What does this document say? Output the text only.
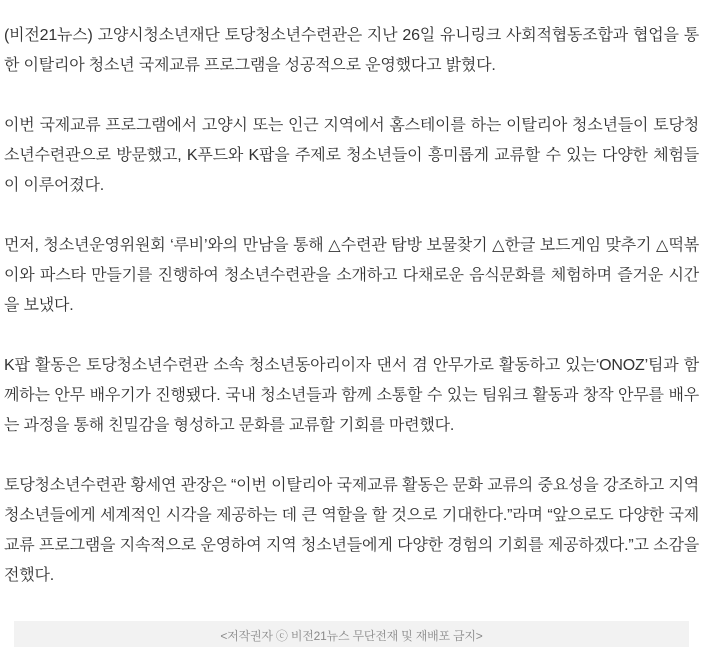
(비전21뉴스) 고양시청소년재단 토당청소년수련관은 지난 26일 유니링크 사회적협동조합과 협업을 통한 이탈리아 청소년 국제교류 프로그램을 성공적으로 운영했다고 밝혔다.

이번 국제교류 프로그램에서 고양시 또는 인근 지역에서 홈스테이를 하는 이탈리아 청소년들이 토당청소년수련관으로 방문했고, K푸드와 K팝을 주제로 청소년들이 흥미롭게 교류할 수 있는 다양한 체험들이 이루어졌다.

먼저, 청소년운영위원회 ‘루비’와의 만남을 통해 △수련관 탐방 보물찾기 △한글 보드게임 맞추기 △떡볶이와 파스타 만들기를 진행하여 청소년수련관을 소개하고 다채로운 음식문화를 체험하며 즐거운 시간을 보냈다.

K팝 활동은 토당청소년수련관 소속 청소년동아리이자 댄서 겸 안무가로 활동하고 있는‘ONOZ’팀과 함께하는 안무 배우기가 진행됐다. 국내 청소년들과 함께 소통할 수 있는 팀워크 활동과 창작 안무를 배우는 과정을 통해 친밀감을 형성하고 문화를 교류할 기회를 마련했다.

토당청소년수련관 황세연 관장은 “이번 이탈리아 국제교류 활동은 문화 교류의 중요성을 강조하고 지역 청소년들에게 세계적인 시각을 제공하는 데 큰 역할을 할 것으로 기대한다.”라며 “앞으로도 다양한 국제교류 프로그램을 지속적으로 운영하여 지역 청소년들에게 다양한 경험의 기회를 제공하겠다.”고 소감을 전했다.

<저작권자 ⓒ 비전21뉴스 무단전재 및 재배포 금지>
